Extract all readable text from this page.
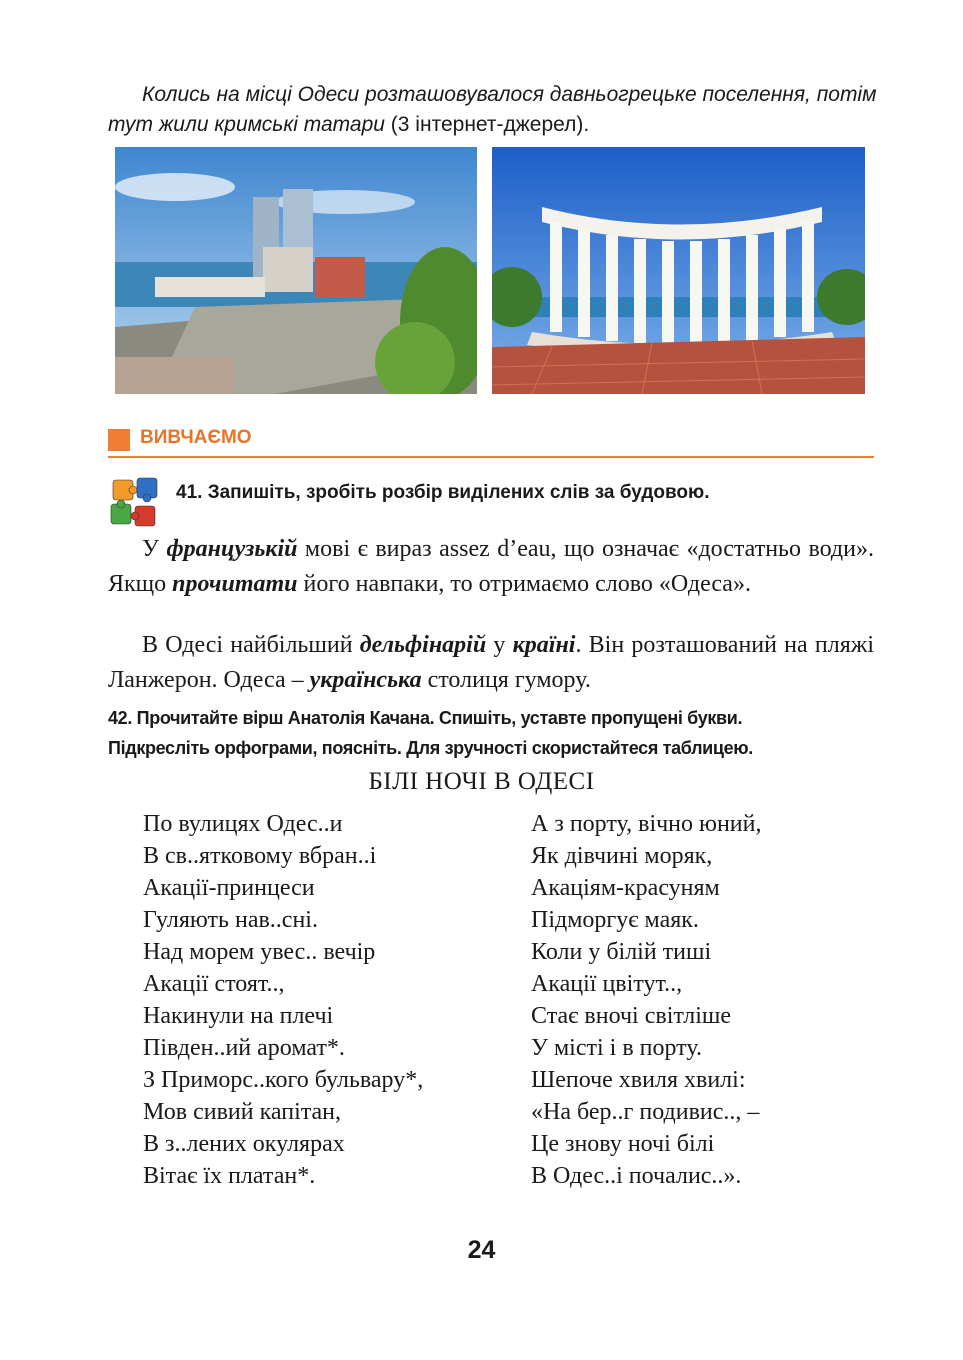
Колись на місці Одеси розташовувалося давньогрецьке поселення, потім тут жили кримські татари (3 інтернет-джерел).

ВИВЧАЄМО
41. Запишіть, зробіть розбір виділених слів за будовою.

У французькій мові є вираз assez d’eau, що означає «достатньо води». Якщо прочитати його навпаки, то отримаємо слово «Одеса».

В Одесі найбільший дельфінарій у країні. Він розташований на пляжі Ланжерон. Одеса – українська столиця гумору.

42. Прочитайте вірш Анатолія Качана. Спишіть, уставте пропущені букви.
Підкресліть орфограми, поясніть. Для зручності скористайтеся таблицею.

БІЛІ НОЧІ В ОДЕСІ
По вулицях Одес..и
В св..ятковому вбран..і
Акації-принцеси
Гуляють нав..сні.
Над морем увес.. вечір
Акації стоят..,
Накинули на плечі
Півден..ий аромат*.
З Приморс..кого бульвару*,
Мов сивий капітан,
В з..лених окулярах
Вітає їх платан*.
А з порту, вічно юний,
Як дівчині моряк,
Акаціям-красуням
Підморгує маяк.
Коли у білій тиші
Акації цвітут..,
Стає вночі світліше
У місті і в порту.
Шепоче хвиля хвилі:
«На бер..г подивис.., –
Це знову ночі білі
В Одес..і почалис..».
24
